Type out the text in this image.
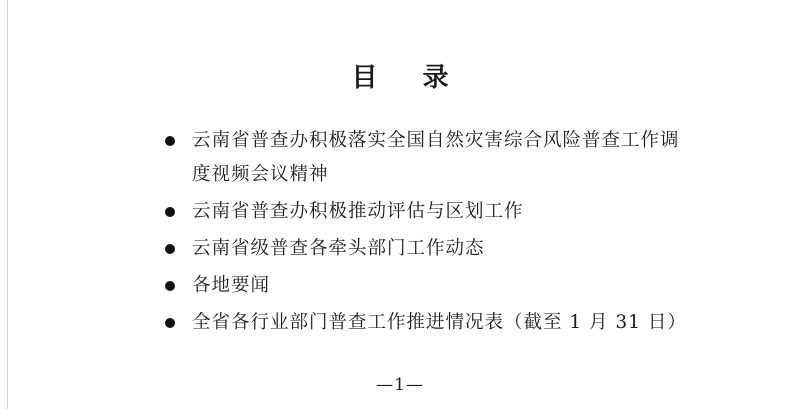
目 录
云南省普查办积极落实全国自然灾害综合风险普查工作调度视频会议精神
云南省普查办积极推动评估与区划工作
云南省级普查各牵头部门工作动态
各地要闻
全省各行业部门普查工作推进情况表（截至 1 月 31 日）
—1—
